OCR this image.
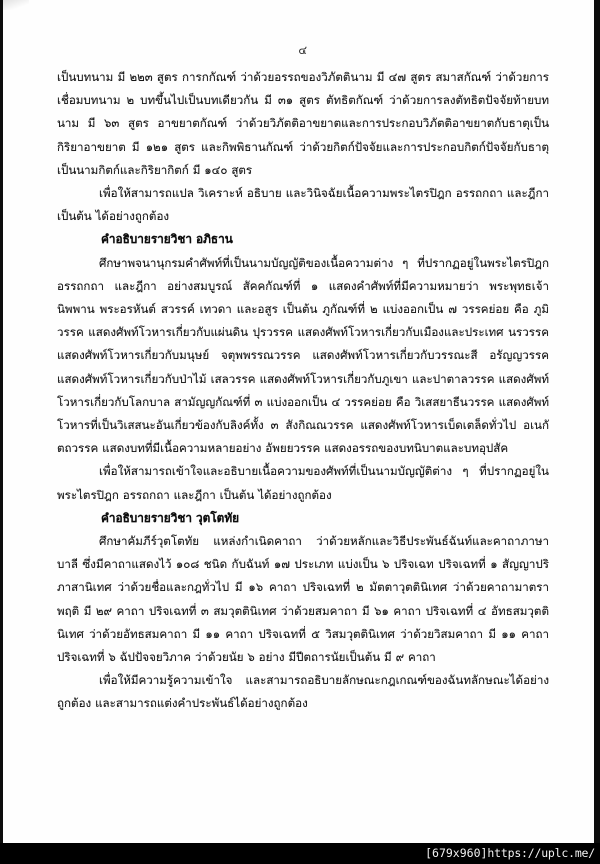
๔

เป็นบทนาม มี ๒๒๓ สูตร การกกัณฑ์ ว่าด้วยอรรถของวิภัตตินาม มี ๔๗ สูตร สมาสกัณฑ์ ว่าด้วยการเชื่อมบทนาม ๒ บทขึ้นไปเป็นบทเดียวกัน มี ๓๑ สูตร ตัทธิตกัณฑ์ ว่าด้วยการลงตัทธิตปัจจัยท้ายบทนาม มี ๖๓ สูตร อาขยาตกัณฑ์ ว่าด้วยวิภัตติอาขยาตและการประกอบวิภัตติอาขยาตกับธาตุเป็นกิริยาอาขยาต มี ๑๒๑ สูตร และกิพพิธานกัณฑ์ ว่าด้วยกิตก์ปัจจัยและการประกอบกิตก์ปัจจัยกับธาตุเป็นนามกิตก์และกิริยากิตก์ มี ๑๔๐ สูตร

เพื่อให้สามารถแปล วิเคราะห์ อธิบาย และวินิจฉัยเนื้อความพระไตรปิฎก อรรถกถา และฎีกา เป็นต้น ได้อย่างถูกต้อง

คำอธิบายรายวิชา อภิธาน

ศึกษาพจนานุกรมคำศัพท์ที่เป็นนามบัญญัติของเนื้อความต่าง ๆ ที่ปรากฏอยู่ในพระไตรปิฎก อรรถกถา และฎีกา อย่างสมบูรณ์ สัคคกัณฑ์ที่ ๑ แสดงคำศัพท์ที่มีความหมายว่า พระพุทธเจ้า นิพพาน พระอรหันต์ สวรรค์ เทวดา และอสูร เป็นต้น ภูกัณฑ์ที่ ๒ แบ่งออกเป็น ๗ วรรคย่อย คือ ภูมิวรรค แสดงศัพท์โวหารเกี่ยวกับแผ่นดิน ปุรวรรค แสดงศัพท์โวหารเกี่ยวกับเมืองและประเทศ นรวรรค แสดงศัพท์โวหารเกี่ยวกับมนุษย์ จตุพพรรณวรรค แสดงศัพท์โวหารเกี่ยวกับวรรณะสี อรัญญวรรค แสดงศัพท์โวหารเกี่ยวกับป่าไม้ เสลวรรค แสดงศัพท์โวหารเกี่ยวกับภูเขา และปาตาลวรรค แสดงศัพท์โวหารเกี่ยวกับโลกบาล สามัญญกัณฑ์ที่ ๓ แบ่งออกเป็น ๔ วรรคย่อย คือ วิเสสยาธีนวรรค แสดงศัพท์โวหารที่เป็นวิเสสนะอันเกี่ยวข้องกับลิงค์ทั้ง ๓ สังกิณณวรรค แสดงศัพท์โวหารเบ็ดเตล็ดทั่วไป อเนกัตถวรรค แสดงบทที่มีเนื้อความหลายอย่าง อัพยยวรรค แสดงอรรถของบทนิบาตและบทอุปสัค

เพื่อให้สามารถเข้าใจและอธิบายเนื้อความของศัพท์ที่เป็นนามบัญญัติต่าง ๆ ที่ปรากฏอยู่ในพระไตรปิฎก อรรถกถา และฎีกา เป็นต้น ได้อย่างถูกต้อง

คำอธิบายรายวิชา วุตโตทัย

ศึกษาคัมภีร์วุตโตทัย แหล่งกำเนิดคาถา ว่าด้วยหลักและวิธีประพันธ์ฉันท์และคาถาภาษาบาลี ซึ่งมีคาถาแสดงไว้ ๑๐๘ ชนิด กับฉันท์ ๑๗ ประเภท แบ่งเป็น ๖ ปริจเฉท ปริจเฉทที่ ๑ สัญญาปริภาสานิเทศ ว่าด้วยชื่อและกฎทั่วไป มี ๑๖ คาถา ปริจเฉทที่ ๒ มัตตาวุตตินิเทศ ว่าด้วยคาถามาตราพฤติ มี ๒๙ คาถา ปริจเฉทที่ ๓ สมวุตตินิเทศ ว่าด้วยสมคาถา มี ๖๑ คาถา ปริจเฉทที่ ๔ อัทธสมวุตตินิเทศ ว่าด้วยอัทธสมคาถา มี ๑๑ คาถา ปริจเฉทที่ ๕ วิสมวุตตินิเทศ ว่าด้วยวิสมคาถา มี ๑๑ คาถา ปริจเฉทที่ ๖ ฉัปปัจจยวิภาค ว่าด้วยนัย ๖ อย่าง มีปีตถารนัยเป็นต้น มี ๙ คาถา

เพื่อให้มีความรู้ความเข้าใจ และสามารถอธิบายลักษณะกฎเกณฑ์ของฉันทลักษณะได้อย่างถูกต้อง และสามารถแต่งคำประพันธ์ได้อย่างถูกต้อง

[679x960]https://uplc.me/
